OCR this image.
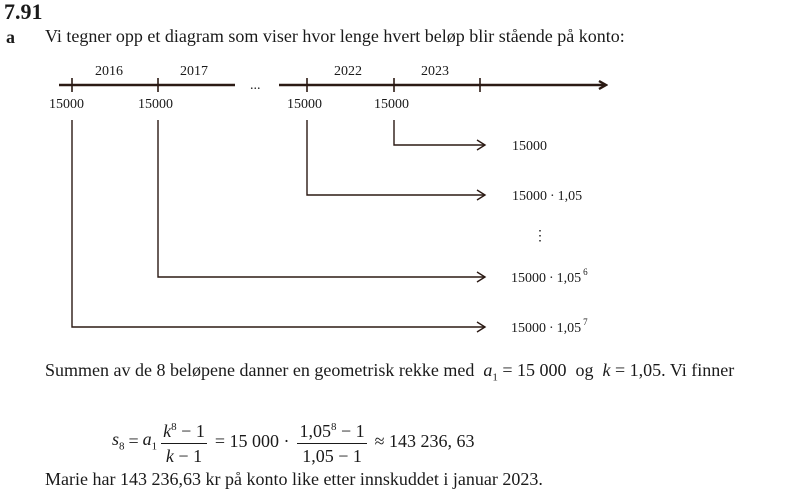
7.91
a Vi tegner opp et diagram som viser hvor lenge hvert beløp blir stående på konto:
...
2016	2017	2022	2023
15000	15000	15000	15000
15000
15000 · 1,05
⋮
15000 · 1,05 $^6$
15000 · 1,05 $^7$
Summen av de 8 beløpene danner en geometrisk rekke med $a_1 = 15$ 000 og k = 1,05. Vi finner
$s_8 = a_1 \frac{k^8 - 1}{k - 1} = 15$ $000 \cdot \frac{1,05^8 - 1}{1,05 - 1} \approx 143$ 236, 63
Marie har 143 236,63 kr på konto like etter innskuddet i januar 2023.
